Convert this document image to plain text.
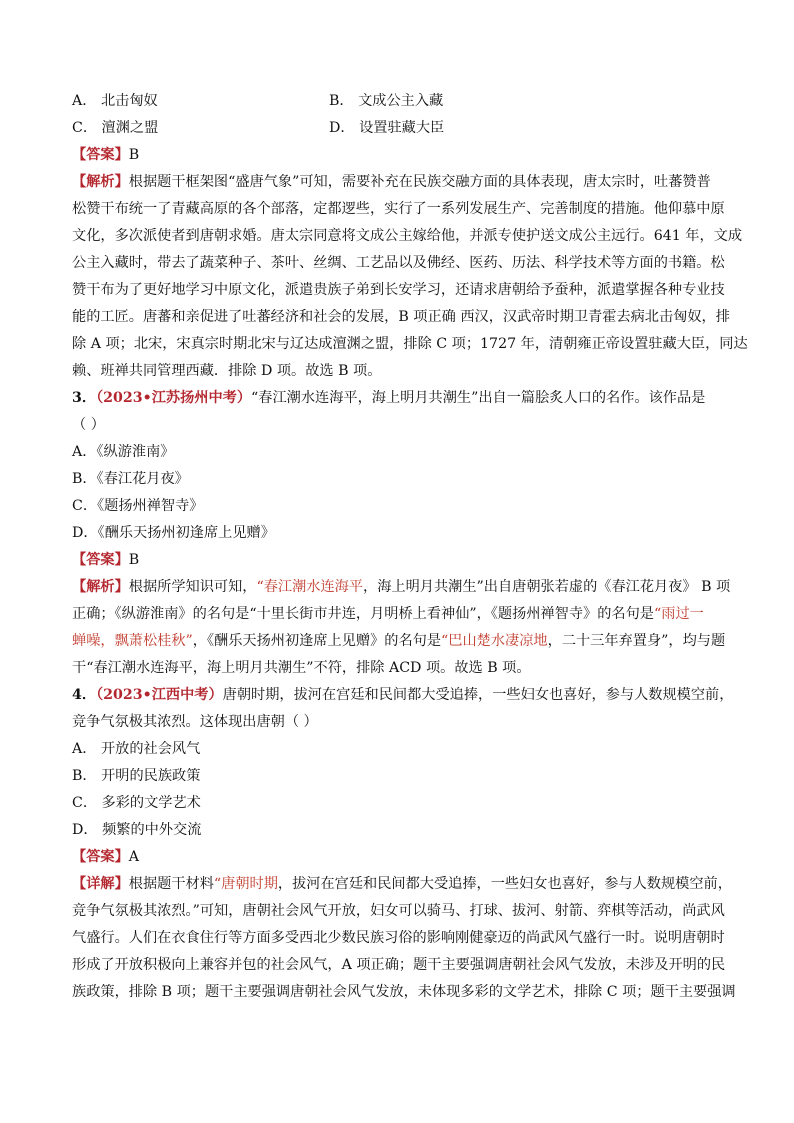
A． 北击匈奴	B． 文成公主入藏
C． 澶渊之盟	D． 设置驻藏大臣
【答案】B
【解析】根据题干框架图“盛唐气象”可知，需要补充在民族交融方面的具体表现，唐太宗时，吐蕃赞普
松赞干布统一了青藏高原的各个部落，定都逻些，实行了一系列发展生产、完善制度的措施。他仰慕中原
文化，多次派使者到唐朝求婚。唐太宗同意将文成公主嫁给他，并派专使护送文成公主远行。641 年，文成
公主入藏时，带去了蔬菜种子、茶叶、丝绸、工艺品以及佛经、医药、历法、科学技术等方面的书籍。松
赞干布为了更好地学习中原文化，派遣贵族子弟到长安学习，还请求唐朝给予蚕种，派遣掌握各种专业技
能的工匠。唐蕃和亲促进了吐蕃经济和社会的发展，B 项正确 西汉，汉武帝时期卫青霍去病北击匈奴，排
除 A 项；北宋，宋真宗时期北宋与辽达成澶渊之盟，排除 C 项；1727 年，清朝雍正帝设置驻藏大臣，同达
赖、班禅共同管理西藏．排除 D 项。故选 B 项。
3．（2023•江苏扬州中考）“春江潮水连海平，海上明月共潮生”出自一篇脍炙人口的名作。该作品是
（ ）
A．《纵游淮南》
B．《春江花月夜》
C．《题扬州禅智寺》
D．《酬乐天扬州初逢席上见赠》
【答案】B
【解析】根据所学知识可知，“春江潮水连海平，海上明月共潮生”出自唐朝张若虚的《春江花月夜》 B 项
正确；《纵游淮南》的名句是“十里长街市井连，月明桥上看神仙”，《题扬州禅智寺》的名句是“雨过一
蝉噪，飘萧松桂秋”，《酬乐天扬州初逢席上见赠》的名句是“巴山楚水凄凉地，二十三年弃置身”，均与题
干“春江潮水连海平，海上明月共潮生”不符，排除 ACD 项。故选 B 项。
4．（2023•江西中考）唐朝时期，拔河在宫廷和民间都大受追捧，一些妇女也喜好，参与人数规模空前，
竞争气氛极其浓烈。这体现出唐朝（ ）
A． 开放的社会风气
B． 开明的民族政策
C． 多彩的文学艺术
D． 频繁的中外交流
【答案】A
【详解】根据题干材料“唐朝时期，拔河在宫廷和民间都大受追捧，一些妇女也喜好，参与人数规模空前，
竞争气氛极其浓烈。”可知，唐朝社会风气开放，妇女可以骑马、打球、拔河、射箭、弈棋等活动，尚武风
气盛行。人们在衣食住行等方面多受西北少数民族习俗的影响刚健豪迈的尚武风气盛行一时。说明唐朝时
形成了开放积极向上兼容并包的社会风气，A 项正确；题干主要强调唐朝社会风气发放，未涉及开明的民
族政策，排除 B 项；题干主要强调唐朝社会风气发放，未体现多彩的文学艺术，排除 C 项；题干主要强调
